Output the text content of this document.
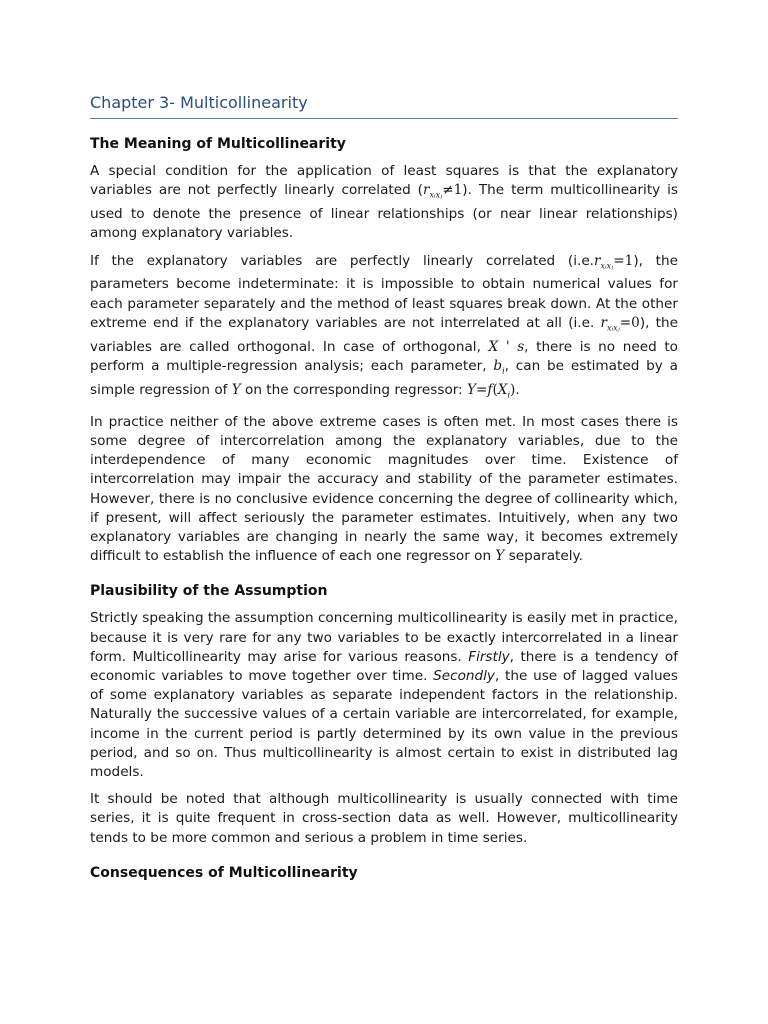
Chapter 3- Multicollinearity
The Meaning of Multicollinearity

A special condition for the application of least squares is that the explanatory variables are not perfectly linearly correlated $(r_{xᵢxⱼ}\ne 1)$. The term multicollinearity is used to denote the presence of linear relationships (or near linear relationships) among explanatory variables.

If the explanatory variables are perfectly linearly correlated $(i.e.r_{xᵢxⱼ}=1)$, the parameters become indeterminate: it is impossible to obtain numerical values for each parameter separately and the method of least squares break down. At the other extreme end if the explanatory variables are not interrelated at all (i.e. $r_{xᵢxⱼ}=0$), the variables are called orthogonal. In case of orthogonal, X ' s, there is no need to perform a multiple-regression analysis; each parameter, $b_i$, can be estimated by a simple regression of Y on the corresponding regressor: $Y=f(X_i)$.

In practice neither of the above extreme cases is often met. In most cases there is some degree of intercorrelation among the explanatory variables, due to the interdependence of many economic magnitudes over time. Existence of intercorrelation may impair the accuracy and stability of the parameter estimates. However, there is no conclusive evidence concerning the degree of collinearity which, if present, will affect seriously the parameter estimates. Intuitively, when any two explanatory variables are changing in nearly the same way, it becomes extremely difficult to establish the influence of each one regressor on Y separately.

Plausibility of the Assumption

Strictly speaking the assumption concerning multicollinearity is easily met in practice, because it is very rare for any two variables to be exactly intercorrelated in a linear form. Multicollinearity may arise for various reasons. Firstly, there is a tendency of economic variables to move together over time. Secondly, the use of lagged values of some explanatory variables as separate independent factors in the relationship. Naturally the successive values of a certain variable are intercorrelated, for example, income in the current period is partly determined by its own value in the previous period, and so on. Thus multicollinearity is almost certain to exist in distributed lag models.

It should be noted that although multicollinearity is usually connected with time series, it is quite frequent in cross-section data as well. However, multicollinearity tends to be more common and serious a problem in time series.

Consequences of Multicollinearity
